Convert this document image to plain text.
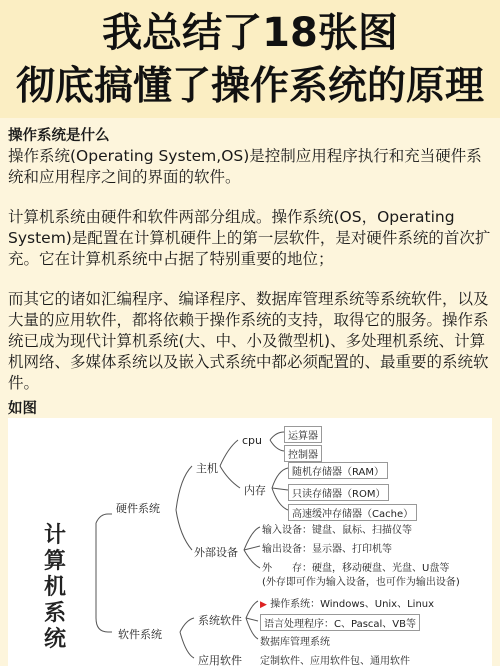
我总结了18张图
彻底搞懂了操作系统的原理
操作系统是什么

操作系统(Operating System,OS)是控制应用程序执行和充当硬件系统和应用程序之间的界面的软件。

计算机系统由硬件和软件两部分组成。操作系统(OS，Operating System)是配置在计算机硬件上的第一层软件，是对硬件系统的首次扩充。它在计算机系统中占据了特别重要的地位；

而其它的诸如汇编程序、编译程序、数据库管理系统等系统软件，以及大量的应用软件，都将依赖于操作系统的支持，取得它的服务。操作系统已成为现代计算机系统(大、中、小及微型机)、多处理机系统、计算机网络、多媒体系统以及嵌入式系统中都必须配置的、最重要的系统软件。

如图
计
算
机
系
统
硬件系统
主机
cpu	运算器
控制器
内存
随机存储器（RAM）
只读存储器（ROM）
高速缓冲存储器（Cache）
外部设备
输入设备：键盘、鼠标、扫描仪等
输出设备：显示器、打印机等
外　　存：硬盘，移动硬盘、光盘、U盘等
(外存即可作为输入设备，也可作为输出设备)
软件系统
系统软件
▶ 操作系统：Windows、Unix、Linux
语言处理程序：C、Pascal、VB等
数据库管理系统
应用软件 定制软件、应用软件包、通用软件
